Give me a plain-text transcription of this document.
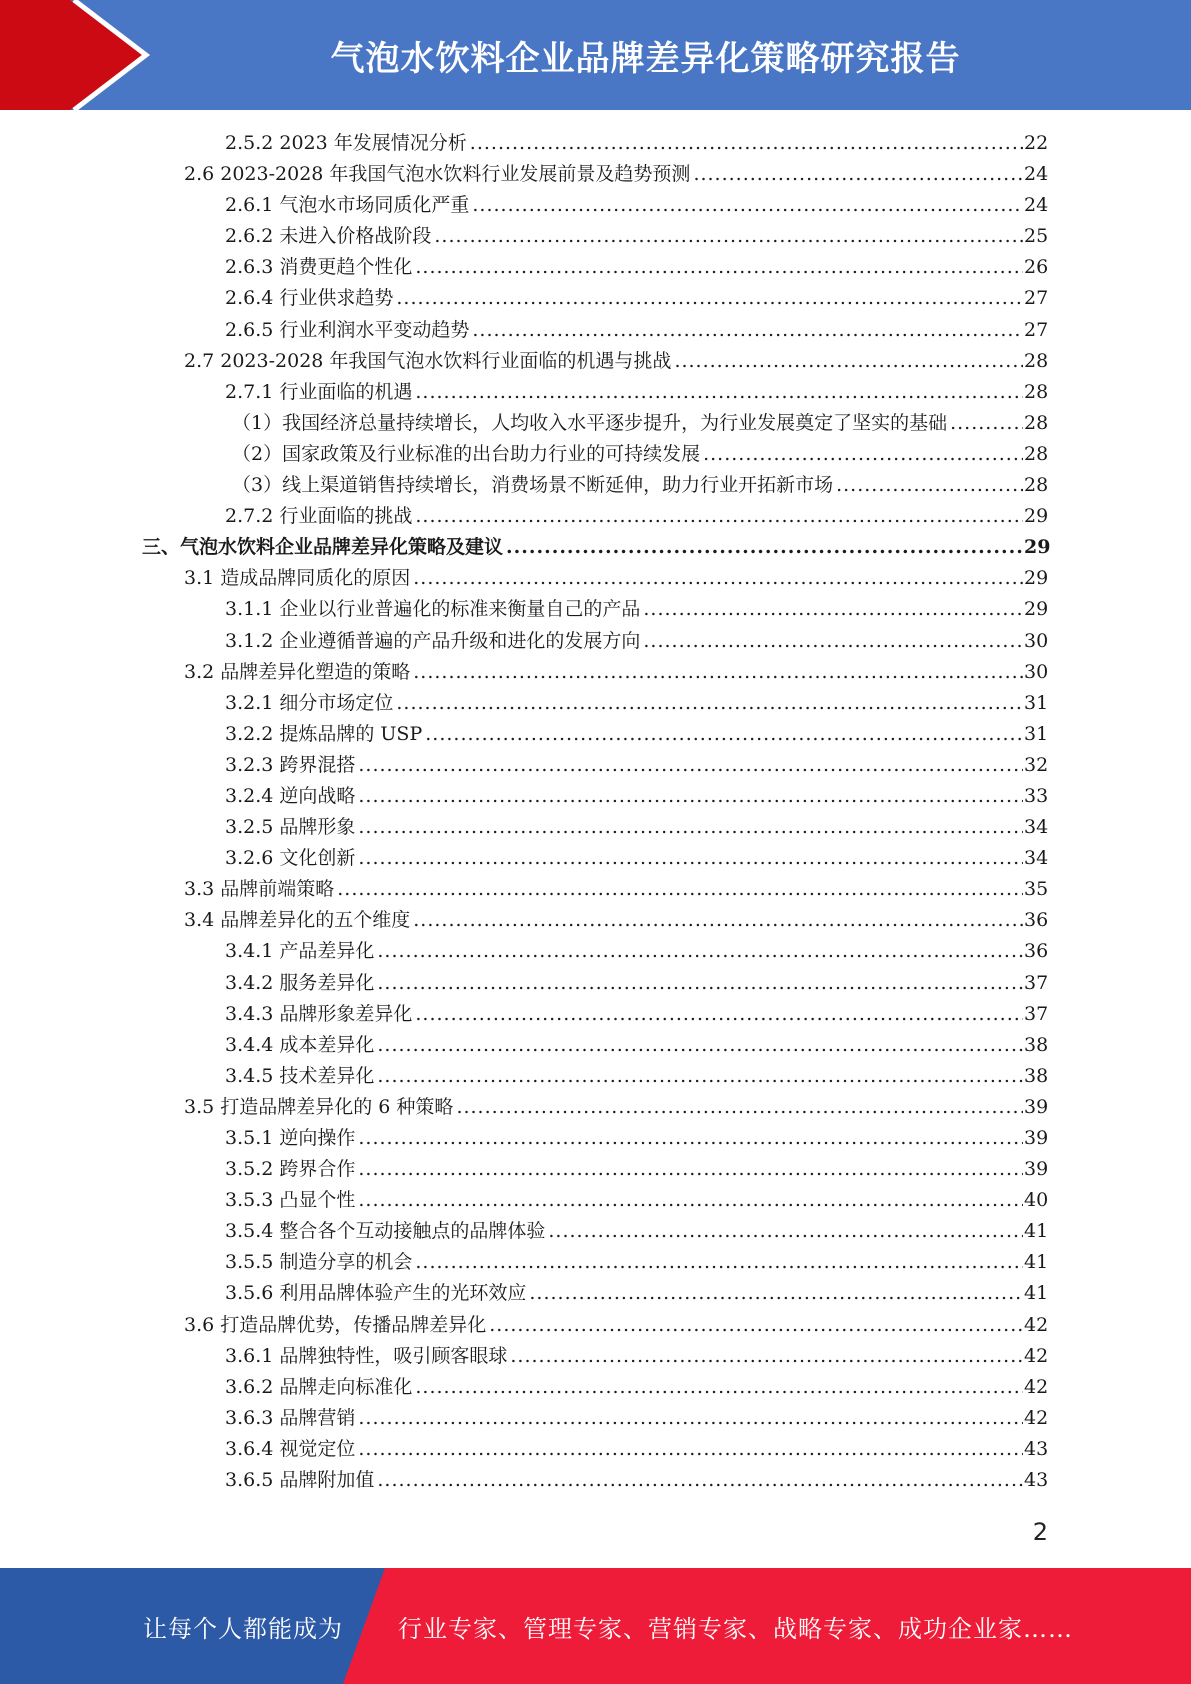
气泡水饮料企业品牌差异化策略研究报告
2.5.2 2023 年发展情况分析 .....	22
2.6 2023-2028 年我国气泡水饮料行业发展前景及趋势预测 .....	24
2.6.1 气泡水市场同质化严重 .....	24
2.6.2 未进入价格战阶段 .....	25
2.6.3 消费更趋个性化 .....	26
2.6.4 行业供求趋势 .....	27
2.6.5 行业利润水平变动趋势 .....	27
2.7 2023-2028 年我国气泡水饮料行业面临的机遇与挑战 .....	28
2.7.1 行业面临的机遇 .....	28
（1）我国经济总量持续增长，人均收入水平逐步提升，为行业发展奠定了坚实的基础 .....	28
（2）国家政策及行业标准的出台助力行业的可持续发展 .....	28
（3）线上渠道销售持续增长，消费场景不断延伸，助力行业开拓新市场 .....	28
2.7.2 行业面临的挑战 .....	29
三、气泡水饮料企业品牌差异化策略及建议 .....	29
3.1 造成品牌同质化的原因 .....	29
3.1.1 企业以行业普遍化的标准来衡量自己的产品 .....	29
3.1.2 企业遵循普遍的产品升级和进化的发展方向 .....	30
3.2 品牌差异化塑造的策略 .....	30
3.2.1 细分市场定位 .....	31
3.2.2 提炼品牌的 USP .....	31
3.2.3 跨界混搭 .....	32
3.2.4 逆向战略 .....	33
3.2.5 品牌形象 .....	34
3.2.6 文化创新 .....	34
3.3 品牌前端策略 .....	35
3.4 品牌差异化的五个维度 .....	36
3.4.1 产品差异化 .....	36
3.4.2 服务差异化 .....	37
3.4.3 品牌形象差异化 .....	37
3.4.4 成本差异化 .....	38
3.4.5 技术差异化 .....	38
3.5 打造品牌差异化的 6 种策略 .....	39
3.5.1 逆向操作 .....	39
3.5.2 跨界合作 .....	39
3.5.3 凸显个性 .....	40
3.5.4 整合各个互动接触点的品牌体验 .....	41
3.5.5 制造分享的机会 .....	41
3.5.6 利用品牌体验产生的光环效应 .....	41
3.6 打造品牌优势，传播品牌差异化 .....	42
3.6.1 品牌独特性，吸引顾客眼球 .....	42
3.6.2 品牌走向标准化 .....	42
3.6.3 品牌营销 .....	42
3.6.4 视觉定位 .....	43
3.6.5 品牌附加值 .....	43
2
让每个人都能成为 行业专家、管理专家、营销专家、战略专家、成功企业家……
